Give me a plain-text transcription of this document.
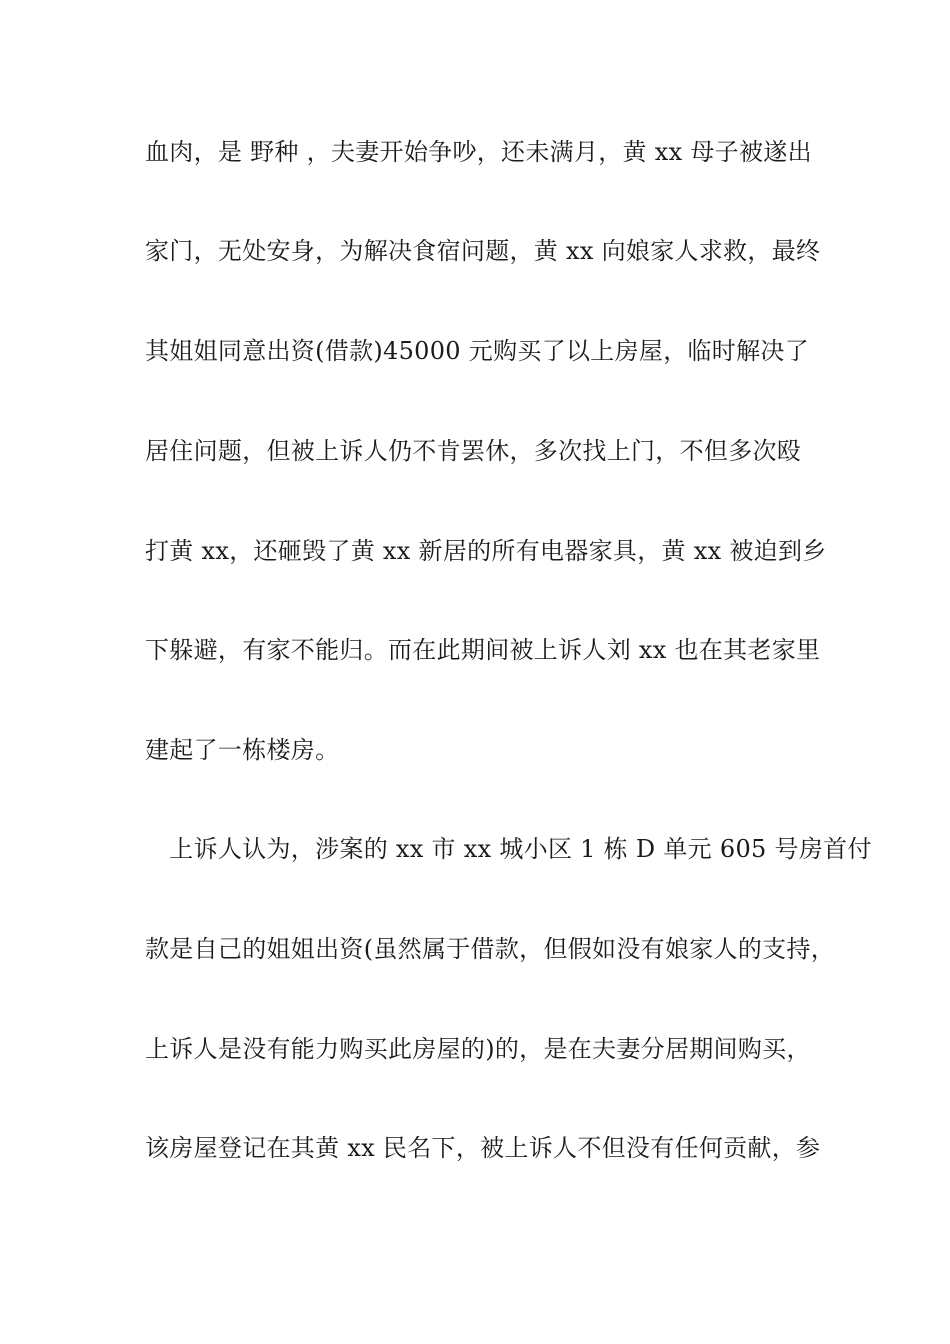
血肉，是 野种 ，夫妻开始争吵，还未满月，黄 xx 母子被遂出
家门，无处安身，为解决食宿问题，黄 xx 向娘家人求救，最终
其姐姐同意出资(借款)45000 元购买了以上房屋，临时解决了
居住问题，但被上诉人仍不肯罢休，多次找上门，不但多次殴
打黄 xx，还砸毁了黄 xx 新居的所有电器家具，黄 xx 被迫到乡
下躲避，有家不能归。而在此期间被上诉人刘 xx 也在其老家里
建起了一栋楼房。
　上诉人认为，涉案的 xx 市 xx 城小区 1 栋 D 单元 605 号房首付
款是自己的姐姐出资(虽然属于借款，但假如没有娘家人的支持，
上诉人是没有能力购买此房屋的)的，是在夫妻分居期间购买，
该房屋登记在其黄 xx 民名下，被上诉人不但没有任何贡献，参
